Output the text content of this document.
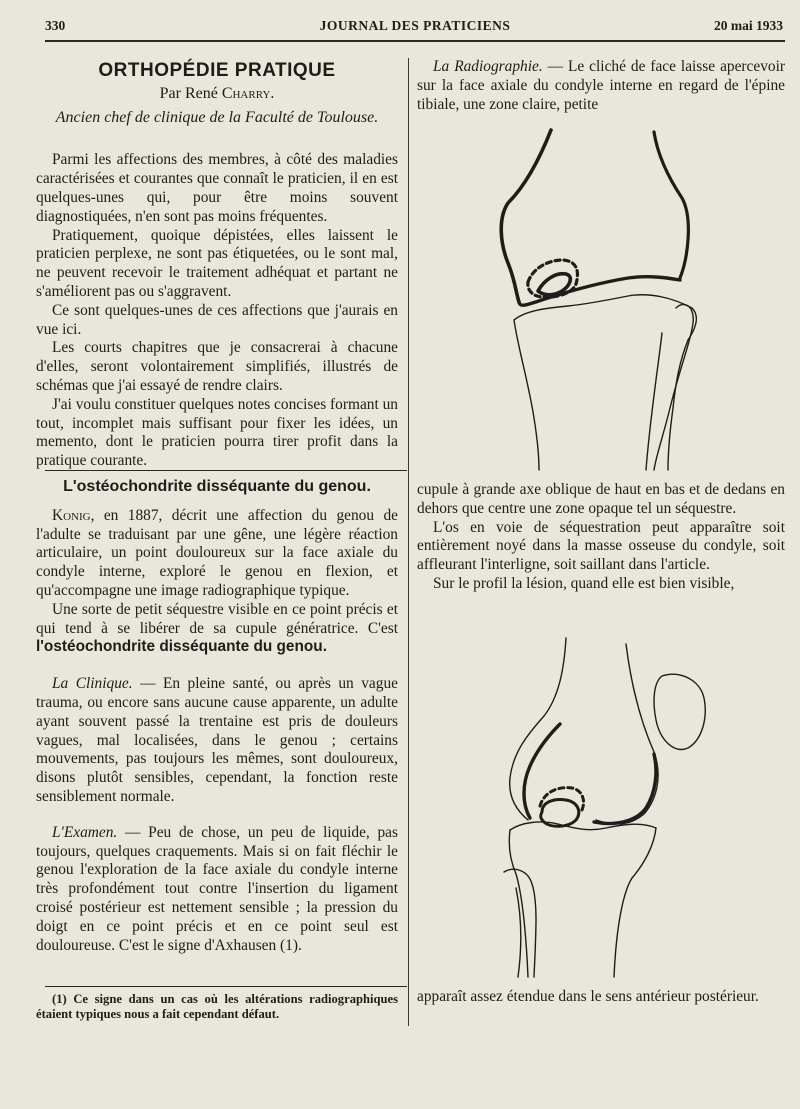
330	JOURNAL DES PRATICIENS	20 mai 1933

ORTHOPÉDIE PRATIQUE

Par René Charry.

Ancien chef de clinique de la Faculté de Toulouse.

Parmi les affections des membres, à côté des maladies caractérisées et courantes que connaît le praticien, il en est quelques-unes qui, pour être moins souvent diagnostiquées, n'en sont pas moins fréquentes.

Pratiquement, quoique dépistées, elles laissent le praticien perplexe, ne sont pas étiquetées, ou le sont mal, ne peuvent recevoir le traitement adhéquat et partant ne s'améliorent pas ou s'aggravent.

Ce sont quelques-unes de ces affections que j'aurais en vue ici.

Les courts chapitres que je consacrerai à chacune d'elles, seront volontairement simplifiés, illustrés de schémas que j'ai essayé de rendre clairs.

J'ai voulu constituer quelques notes concises formant un tout, incomplet mais suffisant pour fixer les idées, un memento, dont le praticien pourra tirer profit dans la pratique courante.

L'ostéochondrite disséquante du genou.

Konig, en 1887, décrit une affection du genou de l'adulte se traduisant par une gêne, une légère réaction articulaire, un point douloureux sur la face axiale du condyle interne, exploré le genou en flexion, et qu'accompagne une image radiographique typique.

Une sorte de petit séquestre visible en ce point précis et qui tend à se libérer de sa cupule génératrice. C'est l'ostéochondrite disséquante du genou.

La Clinique. — En pleine santé, ou après un vague trauma, ou encore sans aucune cause apparente, un adulte ayant souvent passé la trentaine est pris de douleurs vagues, mal localisées, dans le genou ; certains mouvements, pas toujours les mêmes, sont douloureux, disons plutôt sensibles, cependant, la fonction reste sensiblement normale.

L'Examen. — Peu de chose, un peu de liquide, pas toujours, quelques craquements. Mais si on fait fléchir le genou l'exploration de la face axiale du condyle interne très profondément tout contre l'insertion du ligament croisé postérieur est nettement sensible ; la pression du doigt en ce point précis et en ce point seul est douloureuse. C'est le signe d'Axhausen (1).

(1) Ce signe dans un cas où les altérations radiographiques étaient typiques nous a fait cependant défaut.

La Radiographie. — Le cliché de face laisse apercevoir sur la face axiale du condyle interne en regard de l'épine tibiale, une zone claire, petite

cupule à grande axe oblique de haut en bas et de dedans en dehors que centre une zone opaque tel un séquestre.

L'os en voie de séquestration peut apparaître soit entièrement noyé dans la masse osseuse du condyle, soit affleurant l'interligne, soit saillant dans l'article.

Sur le profil la lésion, quand elle est bien visible,

apparaît assez étendue dans le sens antérieur postérieur.
